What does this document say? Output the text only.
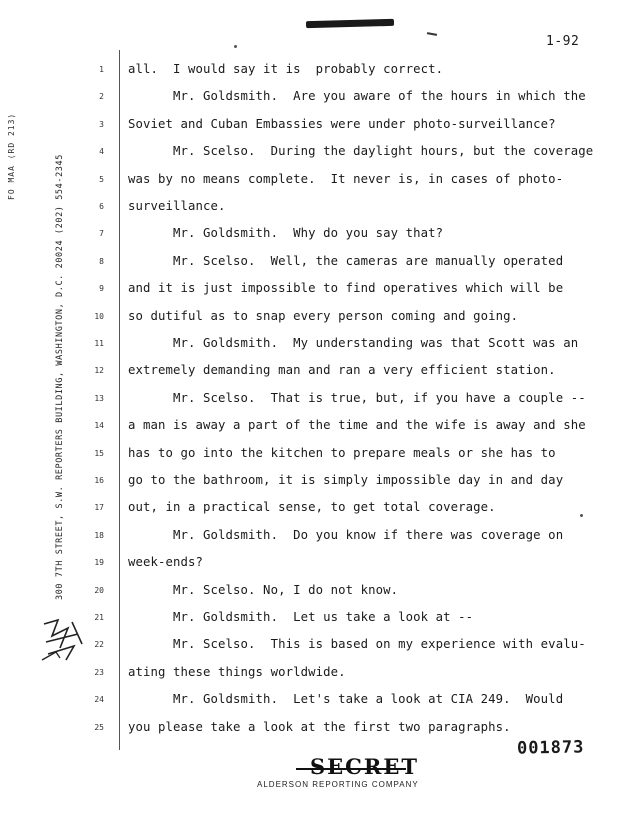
1-92
FO MAA (RD 213)	300 7TH STREET, S.W. REPORTERS BUILDING, WASHINGTON, D.C. 20024 (202) 554-2345
1 all.  I would say it is  probably correct.
2 Mr. Goldsmith.  Are you aware of the hours in which the
3 Soviet and Cuban Embassies were under photo-surveillance?
4 Mr. Scelso.  During the daylight hours, but the coverage
5 was by no means complete.  It never is, in cases of photo-
6 surveillance.
7 Mr. Goldsmith.  Why do you say that?
8 Mr. Scelso.  Well, the cameras are manually operated
9 and it is just impossible to find operatives which will be
10 so dutiful as to snap every person coming and going.
11 Mr. Goldsmith.  My understanding was that Scott was an
12 extremely demanding man and ran a very efficient station.
13 Mr. Scelso.  That is true, but, if you have a couple --
14 a man is away a part of the time and the wife is away and she
15 has to go into the kitchen to prepare meals or she has to
16 go to the bathroom, it is simply impossible day in and day
17 out, in a practical sense, to get total coverage.
18 Mr. Goldsmith.  Do you know if there was coverage on
19 week-ends?
20 Mr. Scelso. No, I do not know.
21 Mr. Goldsmith.  Let us take a look at --
22 Mr. Scelso.  This is based on my experience with evalu-
23 ating these things worldwide.
24 Mr. Goldsmith.  Let's take a look at CIA 249.  Would
25 you please take a look at the first two paragraphs.
001873
SECRET
ALDERSON REPORTING COMPANY
